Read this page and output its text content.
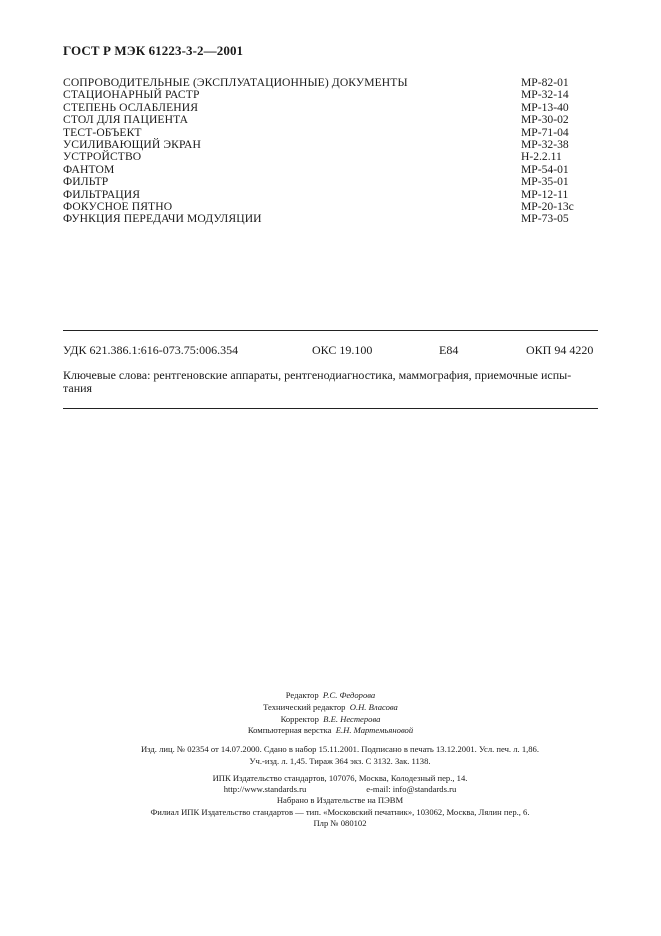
ГОСТ Р МЭК 61223-3-2—2001
СОПРОВОДИТЕЛЬНЫЕ (ЭКСПЛУАТАЦИОННЫЕ) ДОКУМЕНТЫ	МР-82-01
СТАЦИОНАРНЫЙ РАСТР	МР-32-14
СТЕПЕНЬ ОСЛАБЛЕНИЯ	МР-13-40
СТОЛ ДЛЯ ПАЦИЕНТА	МР-30-02
ТЕСТ-ОБЪЕКТ	МР-71-04
УСИЛИВАЮЩИЙ ЭКРАН	МР-32-38
УСТРОЙСТВО	Н-2.2.11
ФАНТОМ	МР-54-01
ФИЛЬТР	МР-35-01
ФИЛЬТРАЦИЯ	МР-12-11
ФОКУСНОЕ ПЯТНО	МР-20-13с
ФУНКЦИЯ ПЕРЕДАЧИ МОДУЛЯЦИИ	МР-73-05
УДК 621.386.1:616-073.75:006.354	ОКС 19.100	Е84	ОКП 94 4220
Ключевые слова: рентгеновские аппараты, рентгенодиагностика, маммография, приемочные испы-тания
Редактор Р.С. Федорова
Технический редактор О.Н. Власова
Корректор В.Е. Нестерова
Компьютерная верстка Е.Н. Мартемьяновой
Изд. лиц. № 02354 от 14.07.2000. Сдано в набор 15.11.2001. Подписано в печать 13.12.2001. Усл. печ. л. 1,86.
Уч.-изд. л. 1,45. Тираж 364 экз. С 3132. Зак. 1138.
ИПК Издательство стандартов, 107076, Москва, Колодезный пер., 14.
http://www.standards.ru	e-mail: info@standards.ru
Набрано в Издательстве на ПЭВМ
Филиал ИПК Издательство стандартов — тип. «Московский печатник», 103062, Москва, Лялин пер., 6.
Плр № 080102
